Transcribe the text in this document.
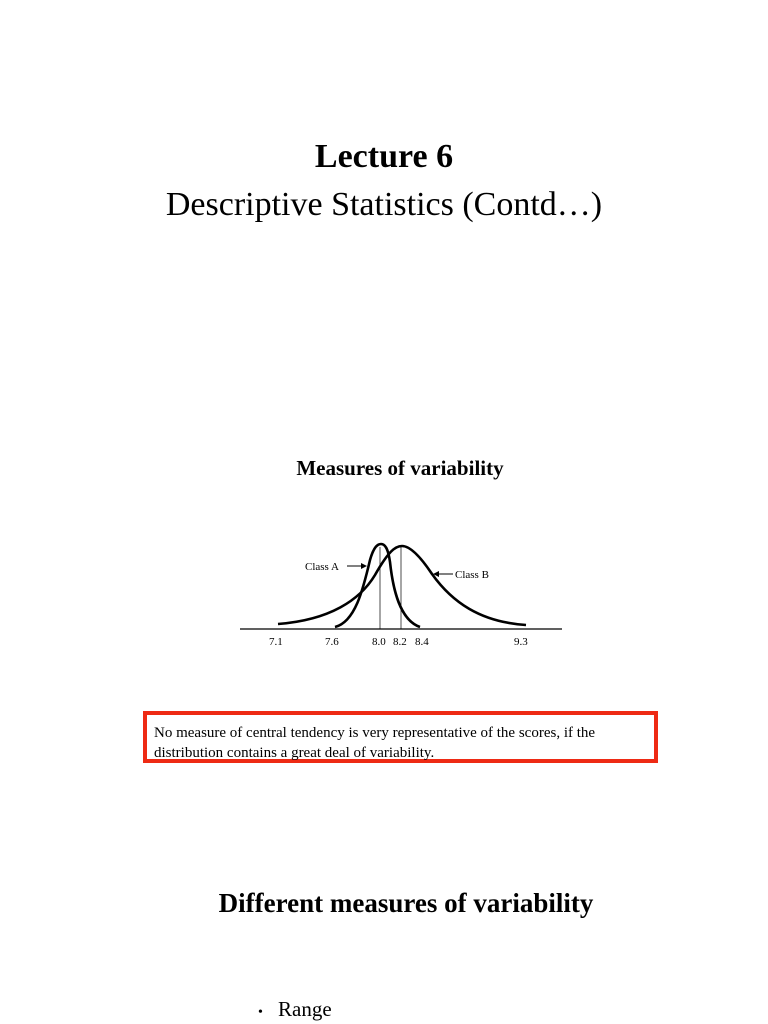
Lecture 6
Descriptive Statistics (Contd…)
Measures of variability
Class A
Class B
7.1	7.6	8.0 8.2 8.4	9.3
No measure of central tendency is very representative of the scores, if the distribution contains a great deal of variability.
Different measures of variability
• Range
